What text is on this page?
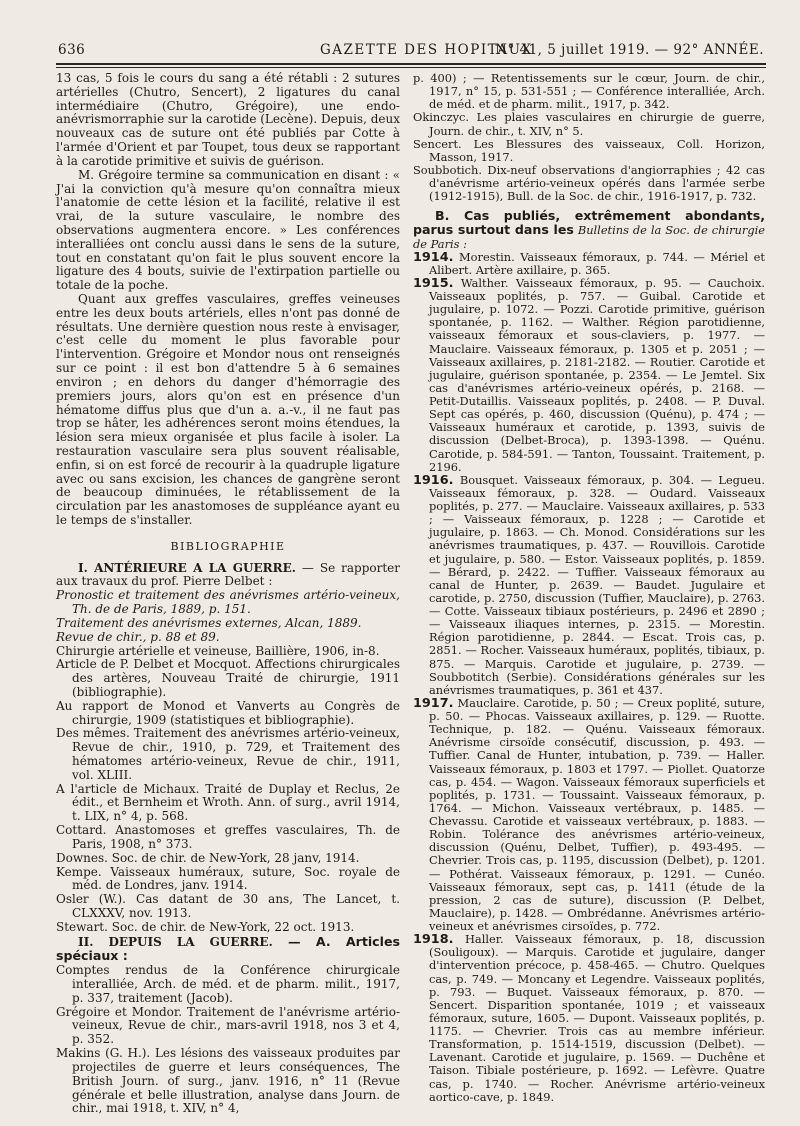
636	GAZETTE DES HOPITAUX
N° 41, 5 juillet 1919. — 92° ANNÉE.

13 cas, 5 fois le cours du sang a été rétabli : 2 sutures artérielles (Chutro, Sencert), 2 ligatures du canal intermédiaire (Chutro, Grégoire), une endo-anévrismorraphie sur la carotide (Lecène). Depuis, deux nouveaux cas de suture ont été publiés par Cotte à l'armée d'Orient et par Toupet, tous deux se rapportant à la carotide primitive et suivis de guérison.

M. Grégoire termine sa communication en disant : « J'ai la conviction qu'à mesure qu'on connaîtra mieux l'anatomie de cette lésion et la facilité, relative il est vrai, de la suture vasculaire, le nombre des observations augmentera encore. » Les conférences interalliées ont conclu aussi dans le sens de la suture, tout en constatant qu'on fait le plus souvent encore la ligature des 4 bouts, suivie de l'extirpation partielle ou totale de la poche.

Quant aux greffes vasculaires, greffes veineuses entre les deux bouts artériels, elles n'ont pas donné de résultats. Une dernière question nous reste à envisager, c'est celle du moment le plus favorable pour l'intervention. Grégoire et Mondor nous ont renseignés sur ce point : il est bon d'attendre 5 à 6 semaines environ ; en dehors du danger d'hémorragie des premiers jours, alors qu'on est en présence d'un hématome diffus plus que d'un a. a.-v., il ne faut pas trop se hâter, les adhérences seront moins étendues, la lésion sera mieux organisée et plus facile à isoler. La restauration vasculaire sera plus souvent réalisable, enfin, si on est forcé de recourir à la quadruple ligature avec ou sans excision, les chances de gangrène seront de beaucoup diminuées, le rétablissement de la circulation par les anastomoses de suppléance ayant eu le temps de s'installer.

BIBLIOGRAPHIE

I. ANTÉRIEURE A LA GUERRE. — Se rapporter aux travaux du prof. Pierre Delbet :

Pronostic et traitement des anévrismes artério-veineux, Th. de de Paris, 1889, p. 151.

Traitement des anévrismes externes, Alcan, 1889.

Revue de chir., p. 88 et 89.

Chirurgie artérielle et veineuse, Baillière, 1906, in-8.

Article de P. Delbet et Mocquot. Affections chirurgicales des artères, Nouveau Traité de chirurgie, 1911 (bibliographie).

Au rapport de Monod et Vanverts au Congrès de chirurgie, 1909 (statistiques et bibliographie).

Des mêmes. Traitement des anévrismes artério-veineux, Revue de chir., 1910, p. 729, et Traitement des hématomes artério-veineux, Revue de chir., 1911, vol. XLIII.

A l'article de Michaux. Traité de Duplay et Reclus, 2e édit., et Bernheim et Wroth. Ann. of surg., avril 1914, t. LIX, n° 4, p. 568.

Cottard. Anastomoses et greffes vasculaires, Th. de Paris, 1908, n° 373.

Downes. Soc. de chir. de New-York, 28 janv, 1914.

Kempe. Vaisseaux huméraux, suture, Soc. royale de méd. de Londres, janv. 1914.

Osler (W.). Cas datant de 30 ans, The Lancet, t. CLXXXV, nov. 1913.

Stewart. Soc. de chir. de New-York, 22 oct. 1913.

II. DEPUIS LA GUERRE. — A. Articles spéciaux :

Comptes rendus de la Conférence chirurgicale interalliée, Arch. de méd. et de pharm. milit., 1917, p. 337, traitement (Jacob).

Grégoire et Mondor. Traitement de l'anévrisme artério-veineux, Revue de chir., mars-avril 1918, nos 3 et 4, p. 352.

Makins (G. H.). Les lésions des vaisseaux produites par projectiles de guerre et leurs conséquences, The British Journ. of surg., janv. 1916, n° 11 (Revue générale et belle illustration, analyse dans Journ. de chir., mai 1918, t. XIV, n° 4,

p. 400) ; — Retentissements sur le cœur, Journ. de chir., 1917, n° 15, p. 531-551 ; — Conférence interalliée, Arch. de méd. et de pharm. milit., 1917, p. 342.

Okinczyc. Les plaies vasculaires en chirurgie de guerre, Journ. de chir., t. XIV, n° 5.

Sencert. Les Blessures des vaisseaux, Coll. Horizon, Masson, 1917.

Soubbotich. Dix-neuf observations d'angiorraphies ; 42 cas d'anévrisme artério-veineux opérés dans l'armée serbe (1912-1915), Bull. de la Soc. de chir., 1916-1917, p. 732.

B. Cas publiés, extrêmement abondants, parus surtout dans les Bulletins de la Soc. de chirurgie de Paris :

1914. Morestin. Vaisseaux fémoraux, p. 744. — Mériel et Alibert. Artère axillaire, p. 365.

1915. Walther. Vaisseaux fémoraux, p. 95. — Cauchoix. Vaisseaux poplités, p. 757. — Guibal. Carotide et jugulaire, p. 1072. — Pozzi. Carotide primitive, guérison spontanée, p. 1162. — Walther. Région parotidienne, vaisseaux fémoraux et sous-claviers, p. 1977. — Mauclaire. Vaisseaux fémoraux, p. 1305 et p. 2051 ; — Vaisseaux axillaires, p. 2181-2182. — Routier. Carotide et jugulaire, guérison spontanée, p. 2354. — Le Jemtel. Six cas d'anévrismes artério-veineux opérés, p. 2168. — Petit-Dutaillis. Vaisseaux poplités, p. 2408. — P. Duval. Sept cas opérés, p. 460, discussion (Quénu), p. 474 ; — Vaisseaux huméraux et carotide, p. 1393, suivis de discussion (Delbet-Broca), p. 1393-1398. — Quénu. Carotide, p. 584-591. — Tanton, Toussaint. Traitement, p. 2196.

1916. Bousquet. Vaisseaux fémoraux, p. 304. — Leguеu. Vaisseaux fémoraux, p. 328. — Oudard. Vaisseaux poplités, p. 277. — Mauclaire. Vaisseaux axillaires, p. 533 ; — Vaisseaux fémoraux, p. 1228 ; — Carotide et jugulaire, p. 1863. — Ch. Monod. Considérations sur les anévrismes traumatiques, p. 437. — Rouvillois. Carotide et jugulaire, p. 580. — Estor. Vaisseaux poplités, p. 1859. — Bérard, p. 2422. — Tuffier. Vaisseaux fémoraux au canal de Hunter, p. 2639. — Baudet. Jugulaire et carotide, p. 2750, discussion (Tuffier, Mauclaire), p. 2763. — Cotte. Vaisseaux tibiaux postérieurs, p. 2496 et 2890 ; — Vaisseaux iliaques internes, p. 2315. — Morestin. Région parotidienne, p. 2844. — Escat. Trois cas, p. 2851. — Rocher. Vaisseaux huméraux, poplités, tibiaux, p. 875. — Marquis. Carotide et jugulaire, p. 2739. — Soubbotitch (Serbie). Considérations générales sur les anévrismes traumatiques, p. 361 et 437.

1917. Mauclaire. Carotide, p. 50 ; — Creux poplité, suture, p. 50. — Phocas. Vaisseaux axillaires, p. 129. — Ruotte. Technique, p. 182. — Quénu. Vaisseaux fémoraux. Anévrisme cirsoïde consécutif, discussion, p. 493. — Tuffier. Canal de Hunter, intubation, p. 739. — Haller. Vaisseaux fémoraux, p. 1803 et 1797. — Piollet. Quatorze cas, p. 454. — Wagon. Vaisseaux fémoraux superficiels et poplités, p. 1731. — Toussaint. Vaisseaux fémoraux, p. 1764. — Michon. Vaisseaux vertébraux, p. 1485. — Chevassu. Carotide et vaisseaux vertébraux, p. 1883. — Robin. Tolérance des anévrismes artério-veineux, discussion (Quénu, Delbet, Tuffier), p. 493-495. — Chevrier. Trois cas, p. 1195, discussion (Delbet), p. 1201. — Pothérat. Vaisseaux fémoraux, p. 1291. — Cunéo. Vaisseaux fémoraux, sept cas, p. 1411 (étude de la pression, 2 cas de suture), discussion (P. Delbet, Mauclaire), p. 1428. — Ombrédanne. Anévrismes artério-veineux et anévrismes cirsoïdes, p. 772.

1918. Haller. Vaisseaux fémoraux, p. 18, discussion (Souligoux). — Marquis. Carotide et jugulaire, danger d'intervention précoce, p. 458-465. — Chutro. Quelques cas, p. 749. — Moncany et Legendre. Vaisseaux poplités, p. 793. — Buquet. Vaisseaux fémoraux, p. 870. — Sencert. Disparition spontanée, 1019 ; et vaisseaux fémoraux, suture, 1605. — Dupont. Vaisseaux poplités, p. 1175. — Chevrier. Trois cas au membre inférieur. Transformation, p. 1514-1519, discussion (Delbet). — Lavenant. Carotide et jugulaire, p. 1569. — Duchêne et Taison. Tibiale postérieure, p. 1692. — Lefèvre. Quatre cas, p. 1740. — Rocher. Anévrisme artério-veineux aortico-cave, p. 1849.
